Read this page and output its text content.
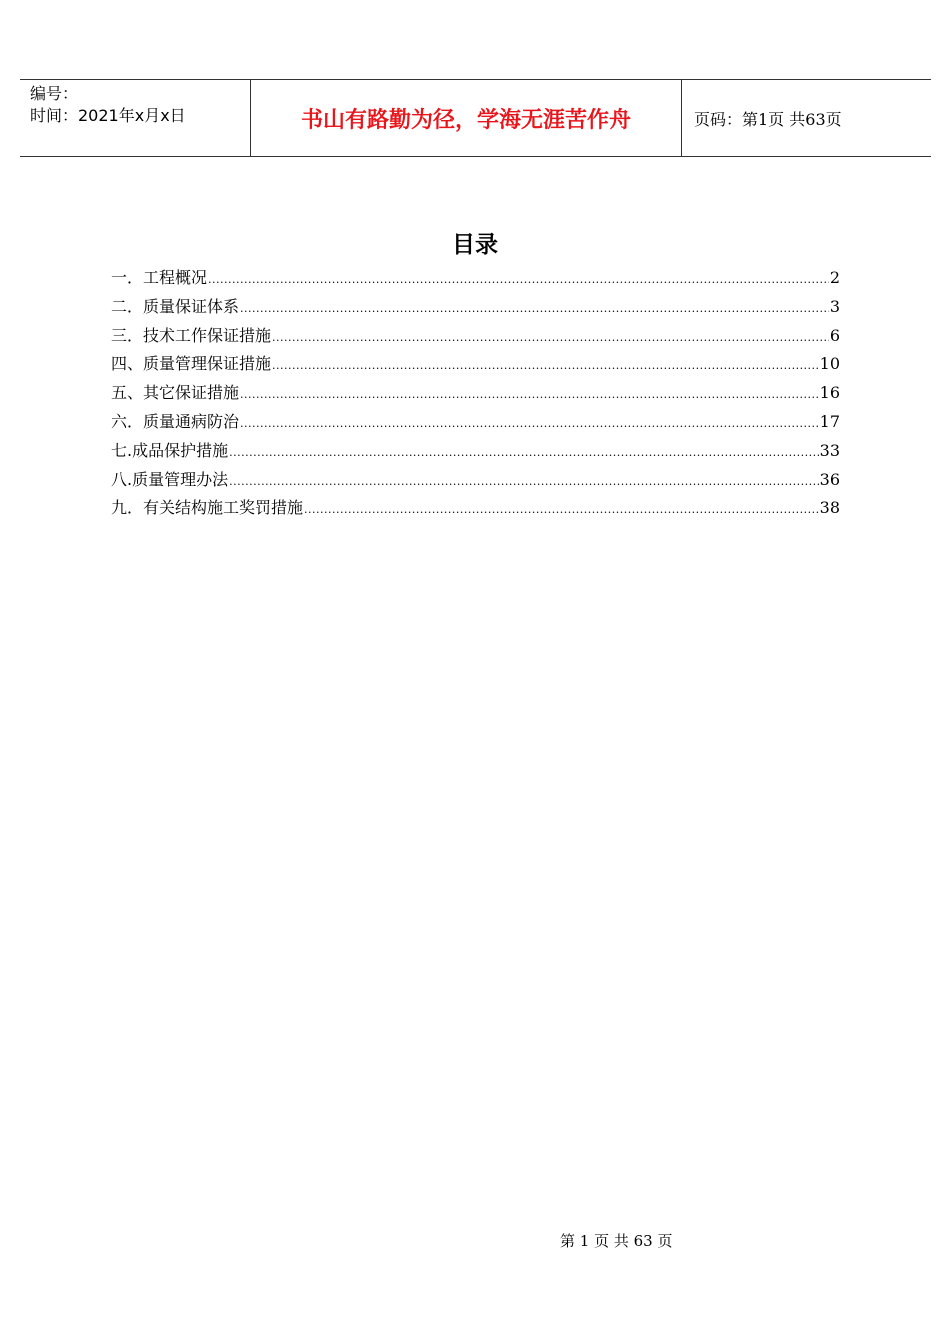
编号：
时间：2021年x月x日	书山有路勤为径，学海无涯苦作舟	页码：第1页 共63页
目录
一．工程概况 .....	2
二．质量保证体系 .....	3
三．技术工作保证措施 .....	6
四、质量管理保证措施 .....	10
五、其它保证措施 .....	16
六．质量通病防治 .....	17
七.成品保护措施 .....	33
八.质量管理办法 .....	36
九．有关结构施工奖罚措施 .....	38
第 1 页 共 63 页
